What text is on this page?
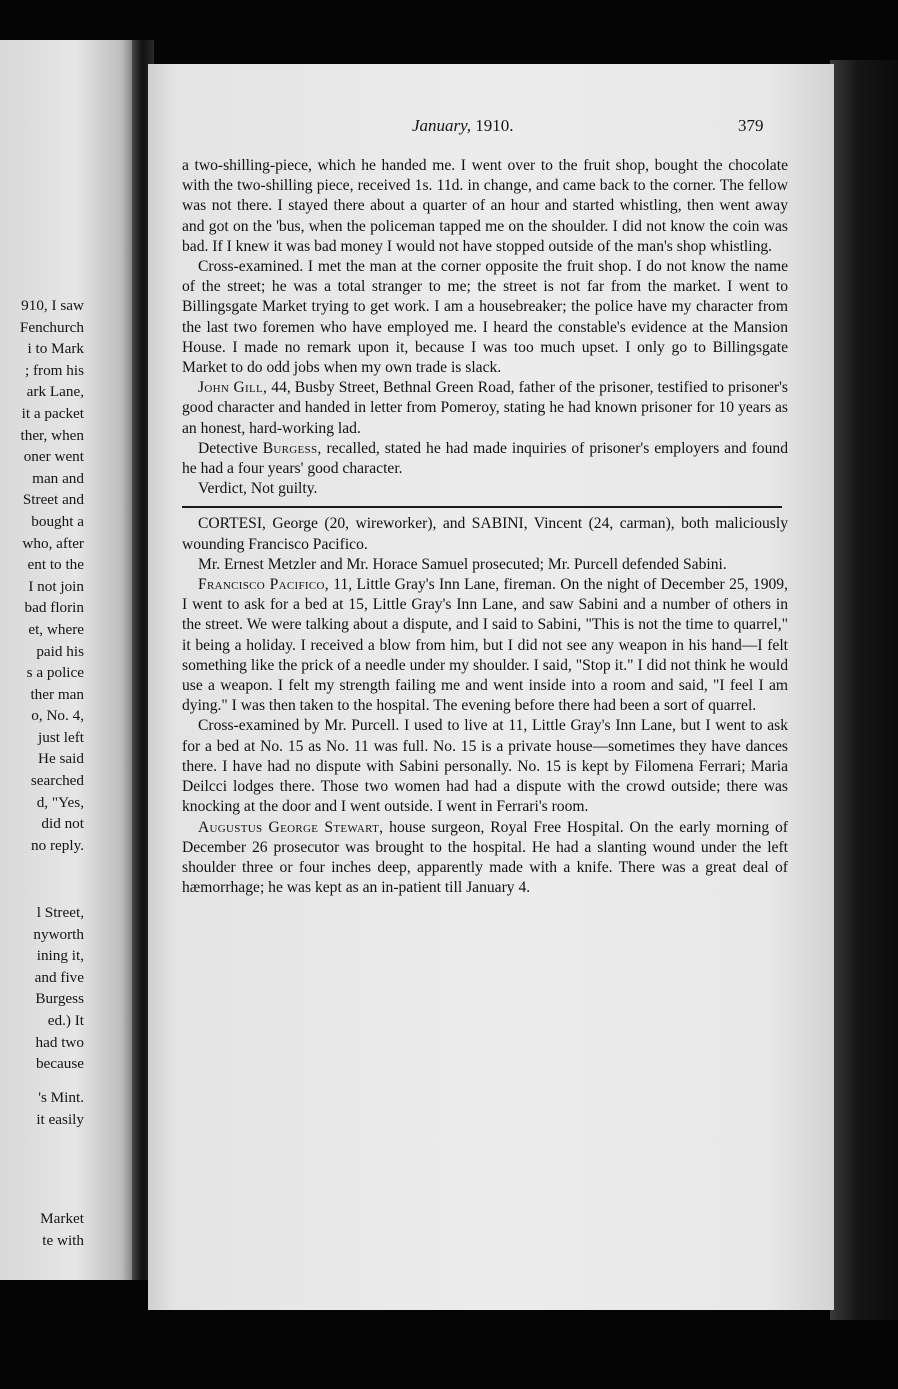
910, I saw
Fenchurch
i to Mark
; from his
ark Lane,
it a packet
ther, when
oner went
man and
Street and
bought a
who, after
ent to the
I not join
bad florin
et, where
paid his
s a police
ther man
o, No. 4,
just left
He said
searched
d, "Yes,
did not
no reply.
l Street,
nyworth
ining it,
and five
Burgess
ed.) It
had two
because
's Mint.
it easily
Market
te with
January, 1910.	379

a two-shilling-piece, which he handed me. I went over to the fruit shop, bought the chocolate with the two-shilling piece, received 1s. 11d. in change, and came back to the corner. The fellow was not there. I stayed there about a quarter of an hour and started whistling, then went away and got on the 'bus, when the policeman tapped me on the shoulder. I did not know the coin was bad. If I knew it was bad money I would not have stopped outside of the man's shop whistling.

Cross-examined. I met the man at the corner opposite the fruit shop. I do not know the name of the street; he was a total stranger to me; the street is not far from the market. I went to Billingsgate Market trying to get work. I am a housebreaker; the police have my character from the last two foremen who have employed me. I heard the constable's evidence at the Mansion House. I made no remark upon it, because I was too much upset. I only go to Billingsgate Market to do odd jobs when my own trade is slack.

John Gill, 44, Busby Street, Bethnal Green Road, father of the prisoner, testified to prisoner's good character and handed in letter from Pomeroy, stating he had known prisoner for 10 years as an honest, hard-working lad.

Detective Burgess, recalled, stated he had made inquiries of prisoner's employers and found he had a four years' good character.

Verdict, Not guilty.

CORTESI, George (20, wireworker), and SABINI, Vincent (24, carman), both maliciously wounding Francisco Pacifico.

Mr. Ernest Metzler and Mr. Horace Samuel prosecuted; Mr. Purcell defended Sabini.

Francisco Pacifico, 11, Little Gray's Inn Lane, fireman. On the night of December 25, 1909, I went to ask for a bed at 15, Little Gray's Inn Lane, and saw Sabini and a number of others in the street. We were talking about a dispute, and I said to Sabini, "This is not the time to quarrel," it being a holiday. I received a blow from him, but I did not see any weapon in his hand—I felt something like the prick of a needle under my shoulder. I said, "Stop it." I did not think he would use a weapon. I felt my strength failing me and went inside into a room and said, "I feel I am dying." I was then taken to the hospital. The evening before there had been a sort of quarrel.

Cross-examined by Mr. Purcell. I used to live at 11, Little Gray's Inn Lane, but I went to ask for a bed at No. 15 as No. 11 was full. No. 15 is a private house—sometimes they have dances there. I have had no dispute with Sabini personally. No. 15 is kept by Filomena Ferrari; Maria Deilcci lodges there. Those two women had had a dispute with the crowd outside; there was knocking at the door and I went outside. I went in Ferrari's room.

Augustus George Stewart, house surgeon, Royal Free Hospital. On the early morning of December 26 prosecutor was brought to the hospital. He had a slanting wound under the left shoulder three or four inches deep, apparently made with a knife. There was a great deal of hæmorrhage; he was kept as an in-patient till January 4.
